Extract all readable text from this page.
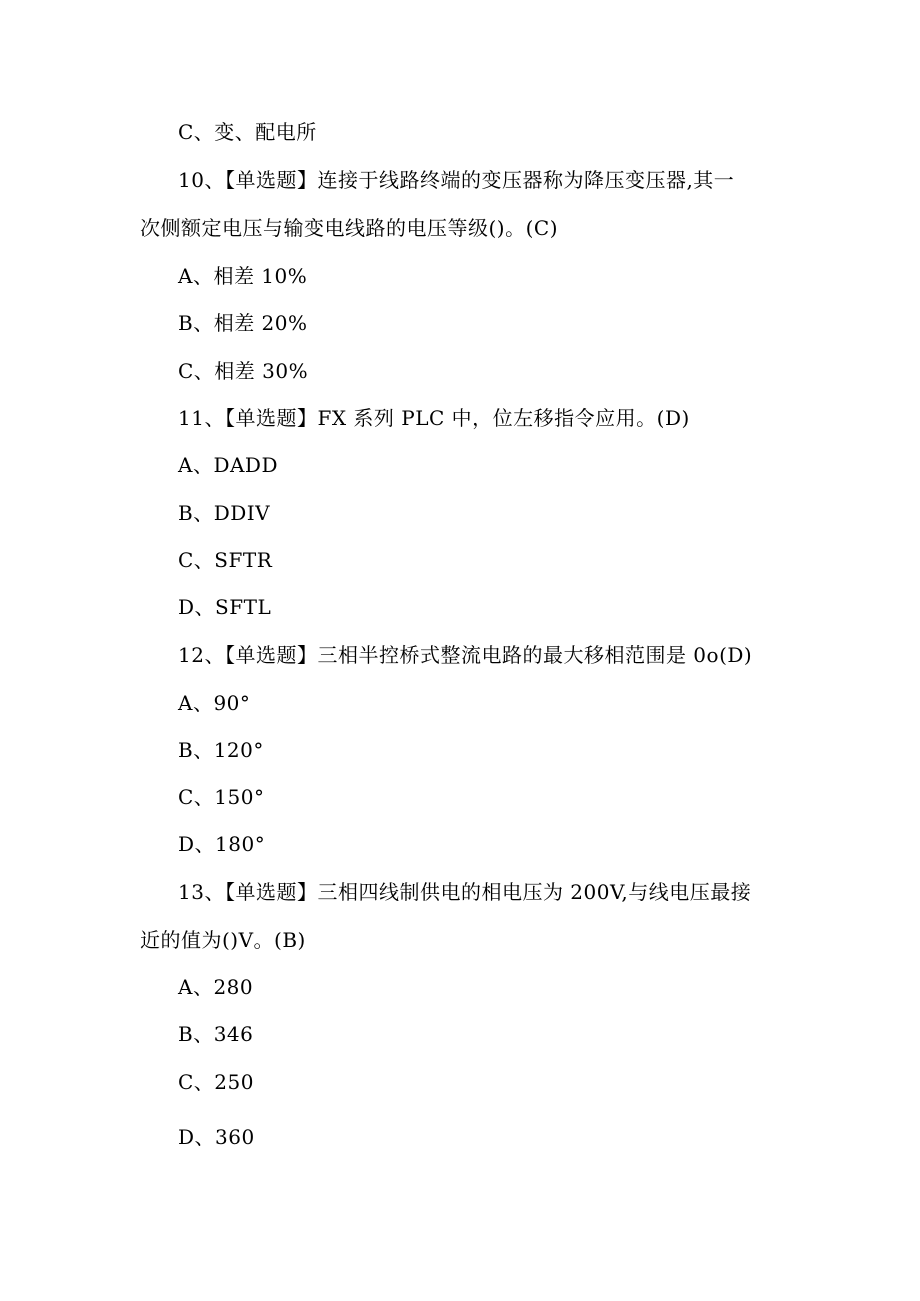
C、变、配电所
10、【单选题】连接于线路终端的变压器称为降压变压器,其一
次侧额定电压与输变电线路的电压等级()。(C)
A、相差 10%
B、相差 20%
C、相差 30%
11、【单选题】FX 系列 PLC 中，位左移指令应用。(D)
A、DADD
B、DDIV
C、SFTR
D、SFTL
12、【单选题】三相半控桥式整流电路的最大移相范围是 0o(D)
A、90°
B、120°
C、150°
D、180°
13、【单选题】三相四线制供电的相电压为 200V,与线电压最接
近的值为()V。(B)
A、280
B、346
C、250
D、360
